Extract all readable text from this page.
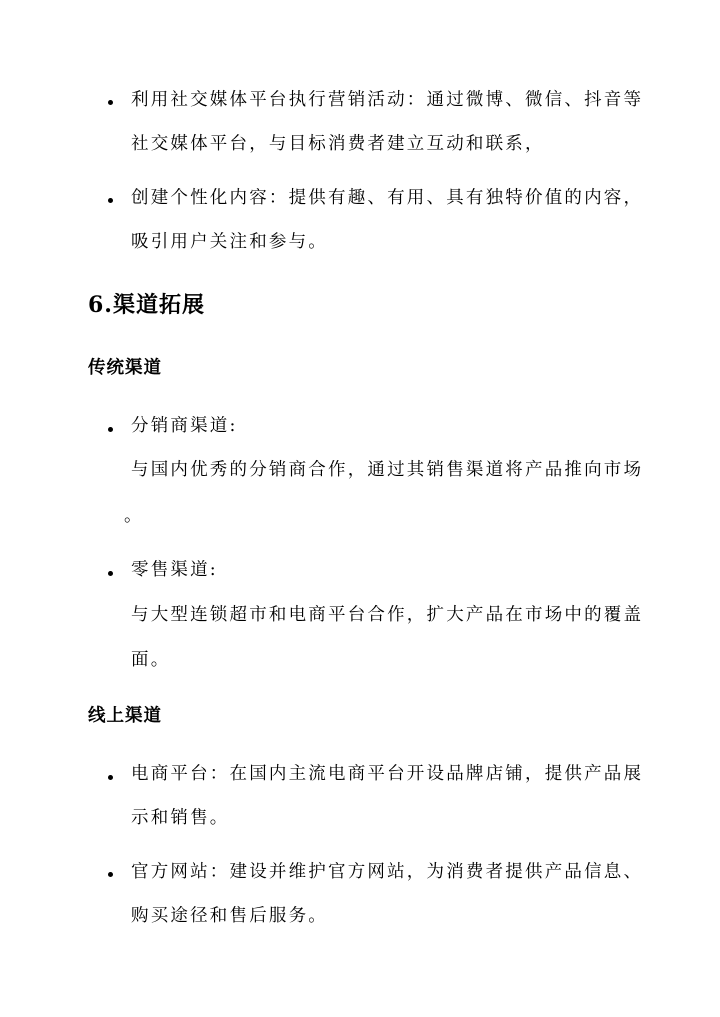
利用社交媒体平台执行营销活动：通过微博、微信、抖音等
社交媒体平台，与目标消费者建立互动和联系，
创建个性化内容：提供有趣、有用、具有独特价值的内容，
吸引用户关注和参与。
6.渠道拓展
传统渠道
分销商渠道:
与国内优秀的分销商合作，通过其销售渠道将产品推向市场
。
零售渠道:
与大型连锁超市和电商平台合作，扩大产品在市场中的覆盖
面。
线上渠道
电商平台：在国内主流电商平台开设品牌店铺，提供产品展
示和销售。
官方网站：建设并维护官方网站，为消费者提供产品信息、
购买途径和售后服务。
